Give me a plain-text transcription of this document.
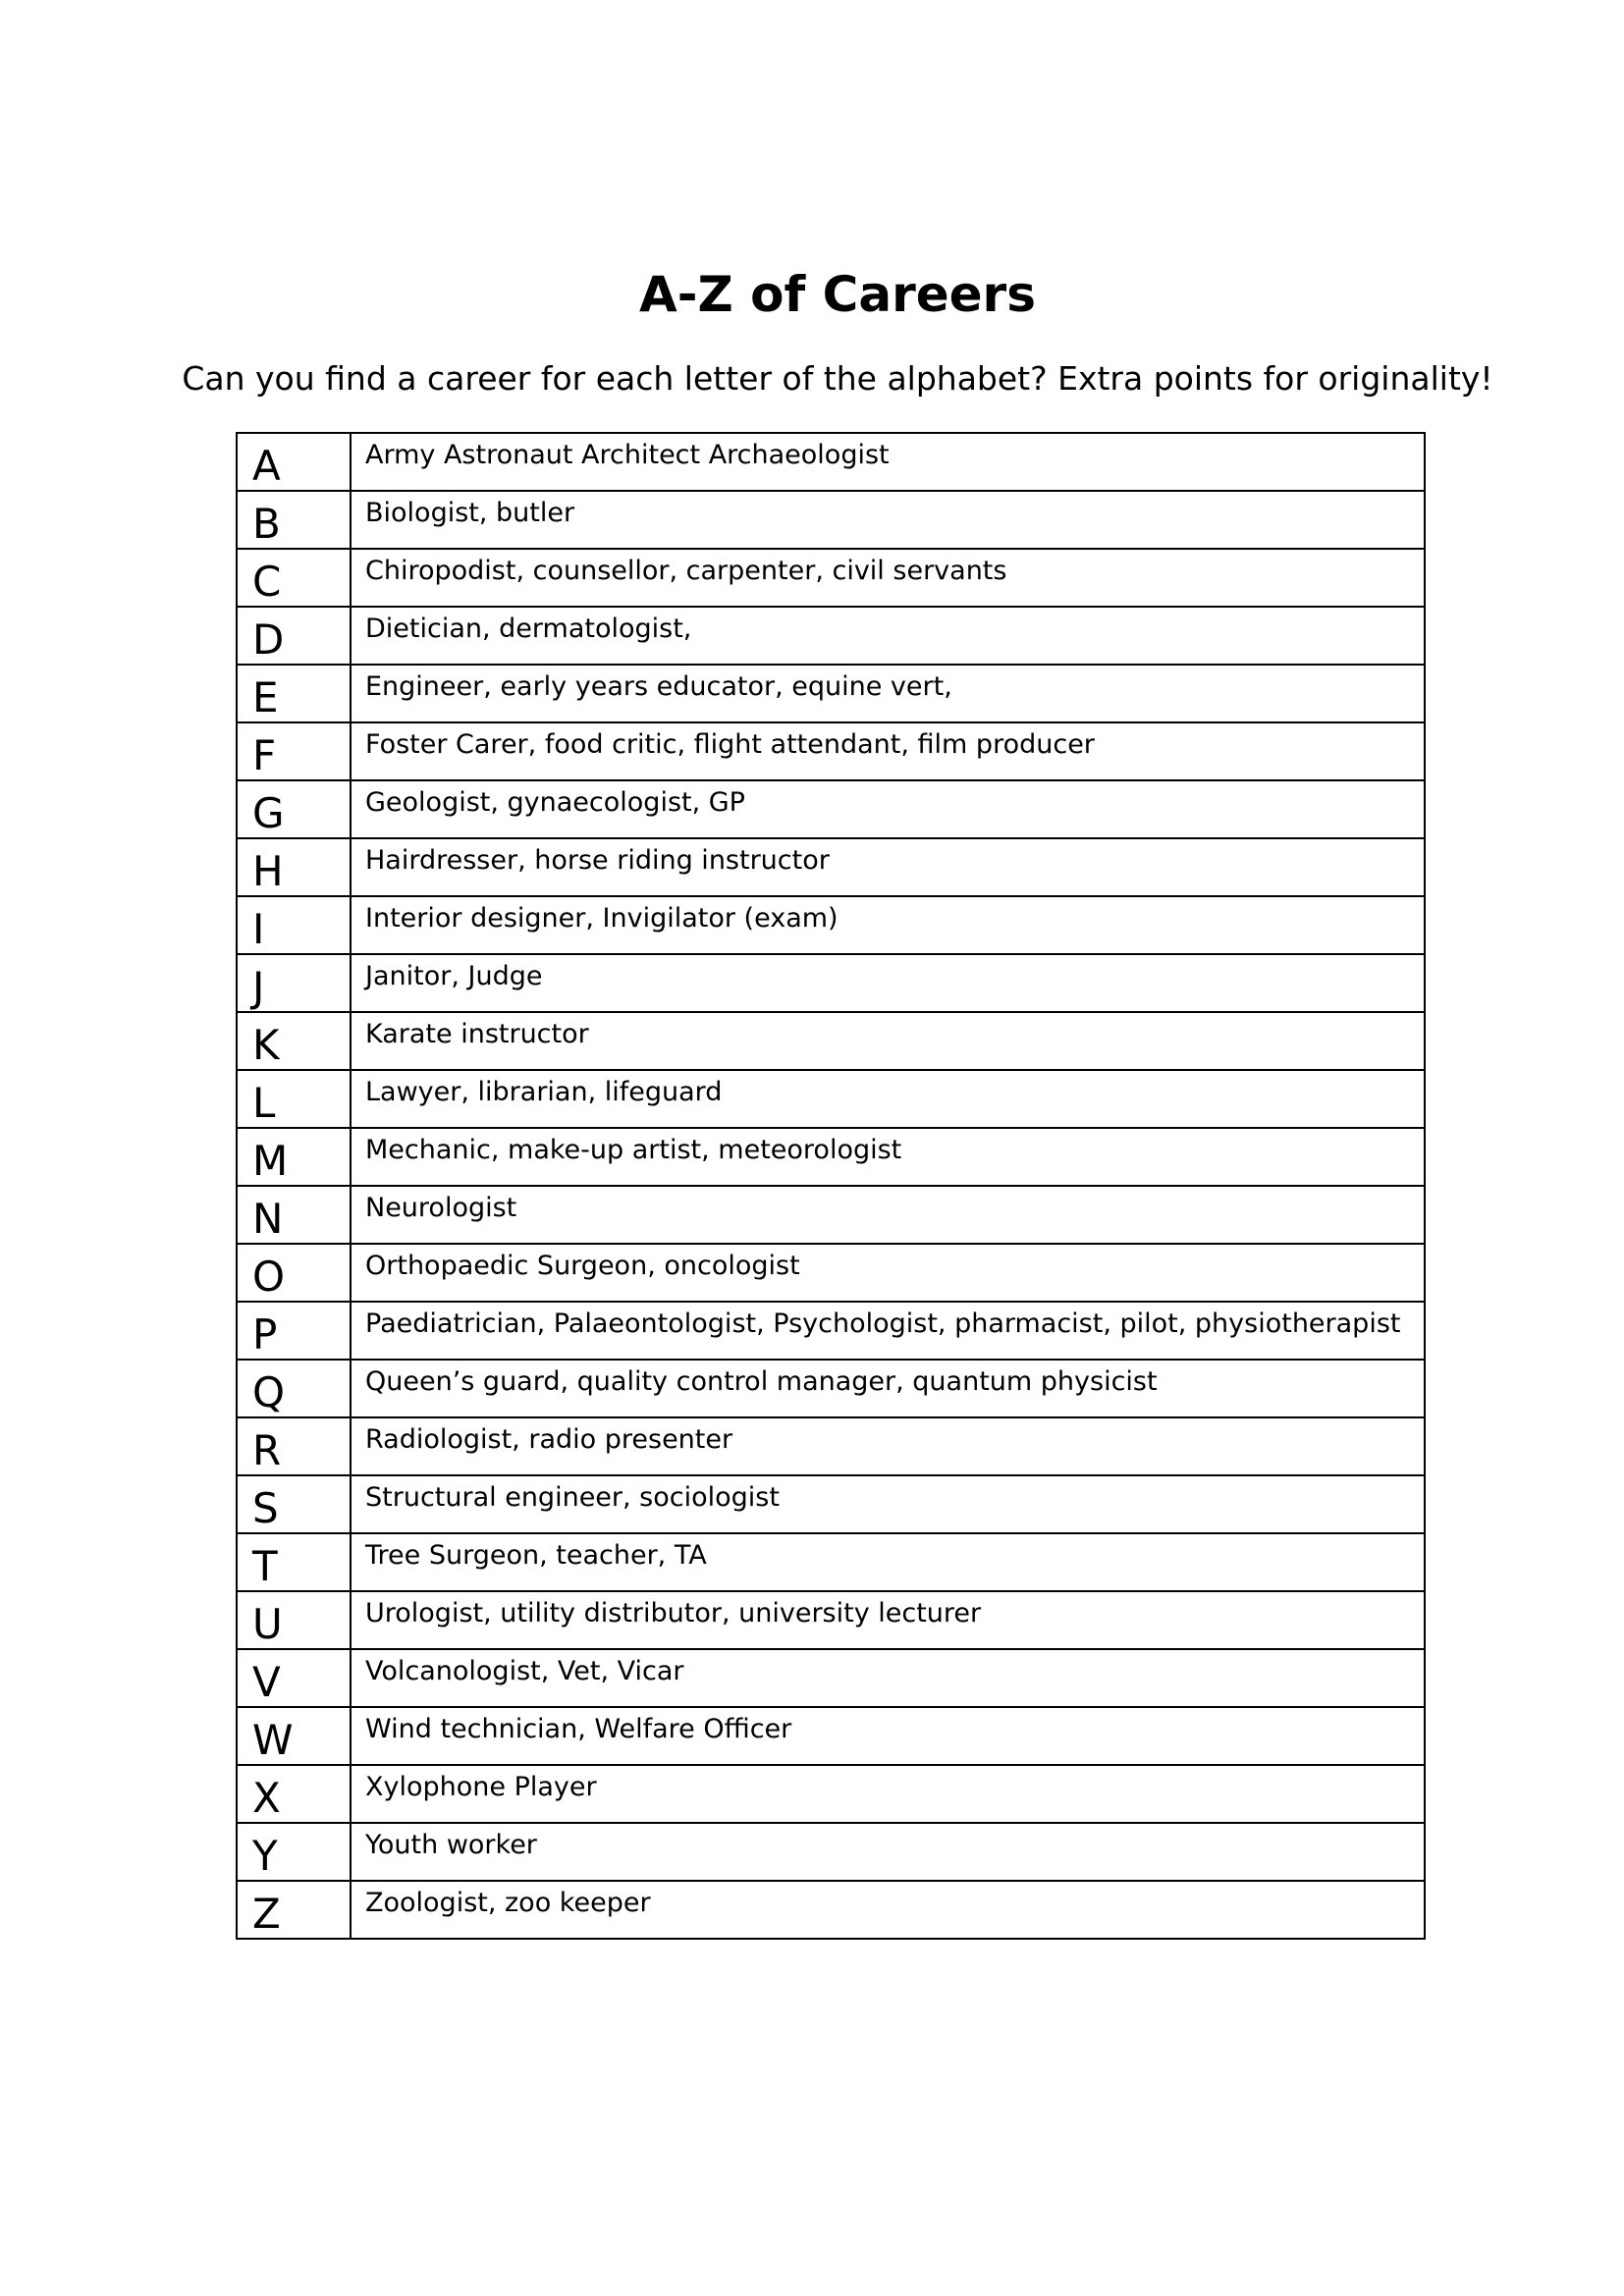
A-Z of Careers

Can you find a career for each letter of the alphabet? Extra points for originality!

A	Army Astronaut Architect Archaeologist
B	Biologist, butler
C	Chiropodist, counsellor, carpenter, civil servants
D	Dietician, dermatologist,
E	Engineer, early years educator, equine vert,
F	Foster Carer, food critic, flight attendant, film producer
G	Geologist, gynaecologist, GP
H	Hairdresser, horse riding instructor
I	Interior designer, Invigilator (exam)
J	Janitor, Judge
K	Karate instructor
L	Lawyer, librarian, lifeguard
M	Mechanic, make-up artist, meteorologist
N	Neurologist
O	Orthopaedic Surgeon, oncologist
P	Paediatrician, Palaeontologist, Psychologist, pharmacist, pilot, physiotherapist
Q	Queen’s guard, quality control manager, quantum physicist
R	Radiologist, radio presenter
S	Structural engineer, sociologist
T	Tree Surgeon, teacher, TA
U	Urologist, utility distributor, university lecturer
V	Volcanologist, Vet, Vicar
W	Wind technician, Welfare Officer
X	Xylophone Player
Y	Youth worker
Z	Zoologist, zoo keeper
